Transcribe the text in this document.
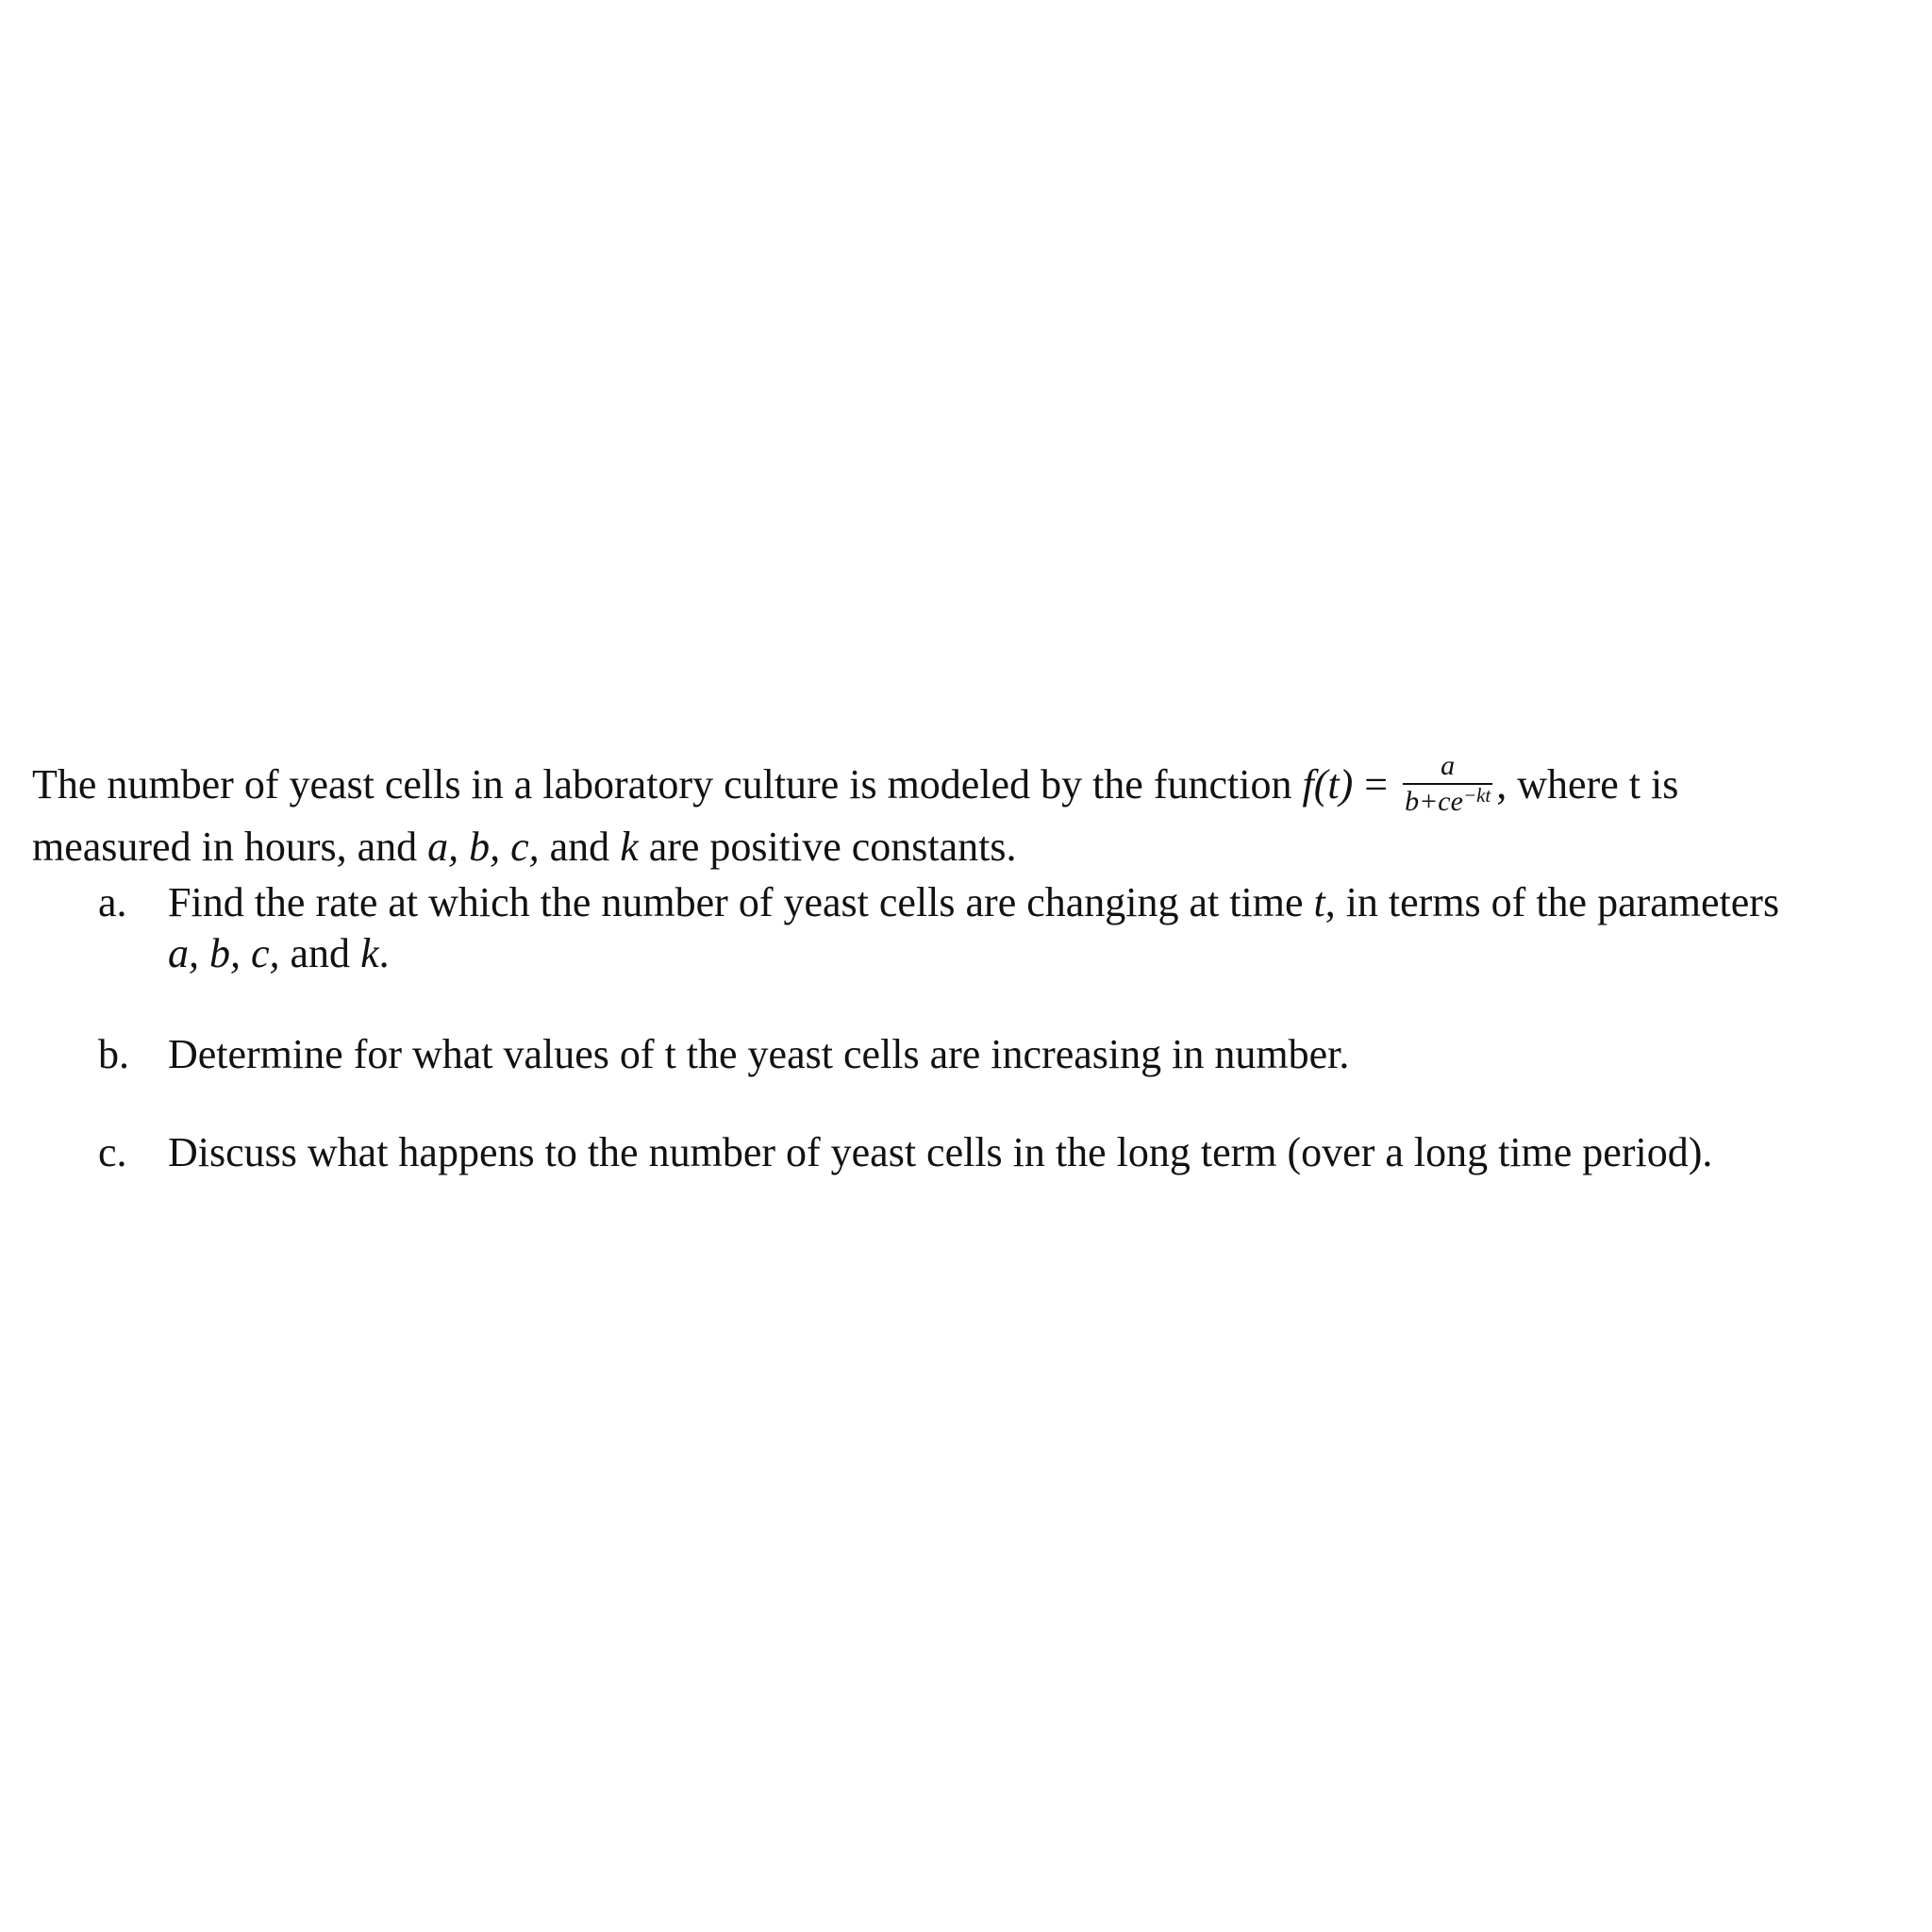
The number of yeast cells in a laboratory culture is modeled by the function $f(t) = \frac{a}{b+ce^{-kt}}$ , where t is
measured in hours, and a, b, c, and k are positive constants.
a. Find the rate at which the number of yeast cells are changing at time t, in terms of the parameters
a, b, c, and k.
b. Determine for what values of t the yeast cells are increasing in number.
c. Discuss what happens to the number of yeast cells in the long term (over a long time period).
